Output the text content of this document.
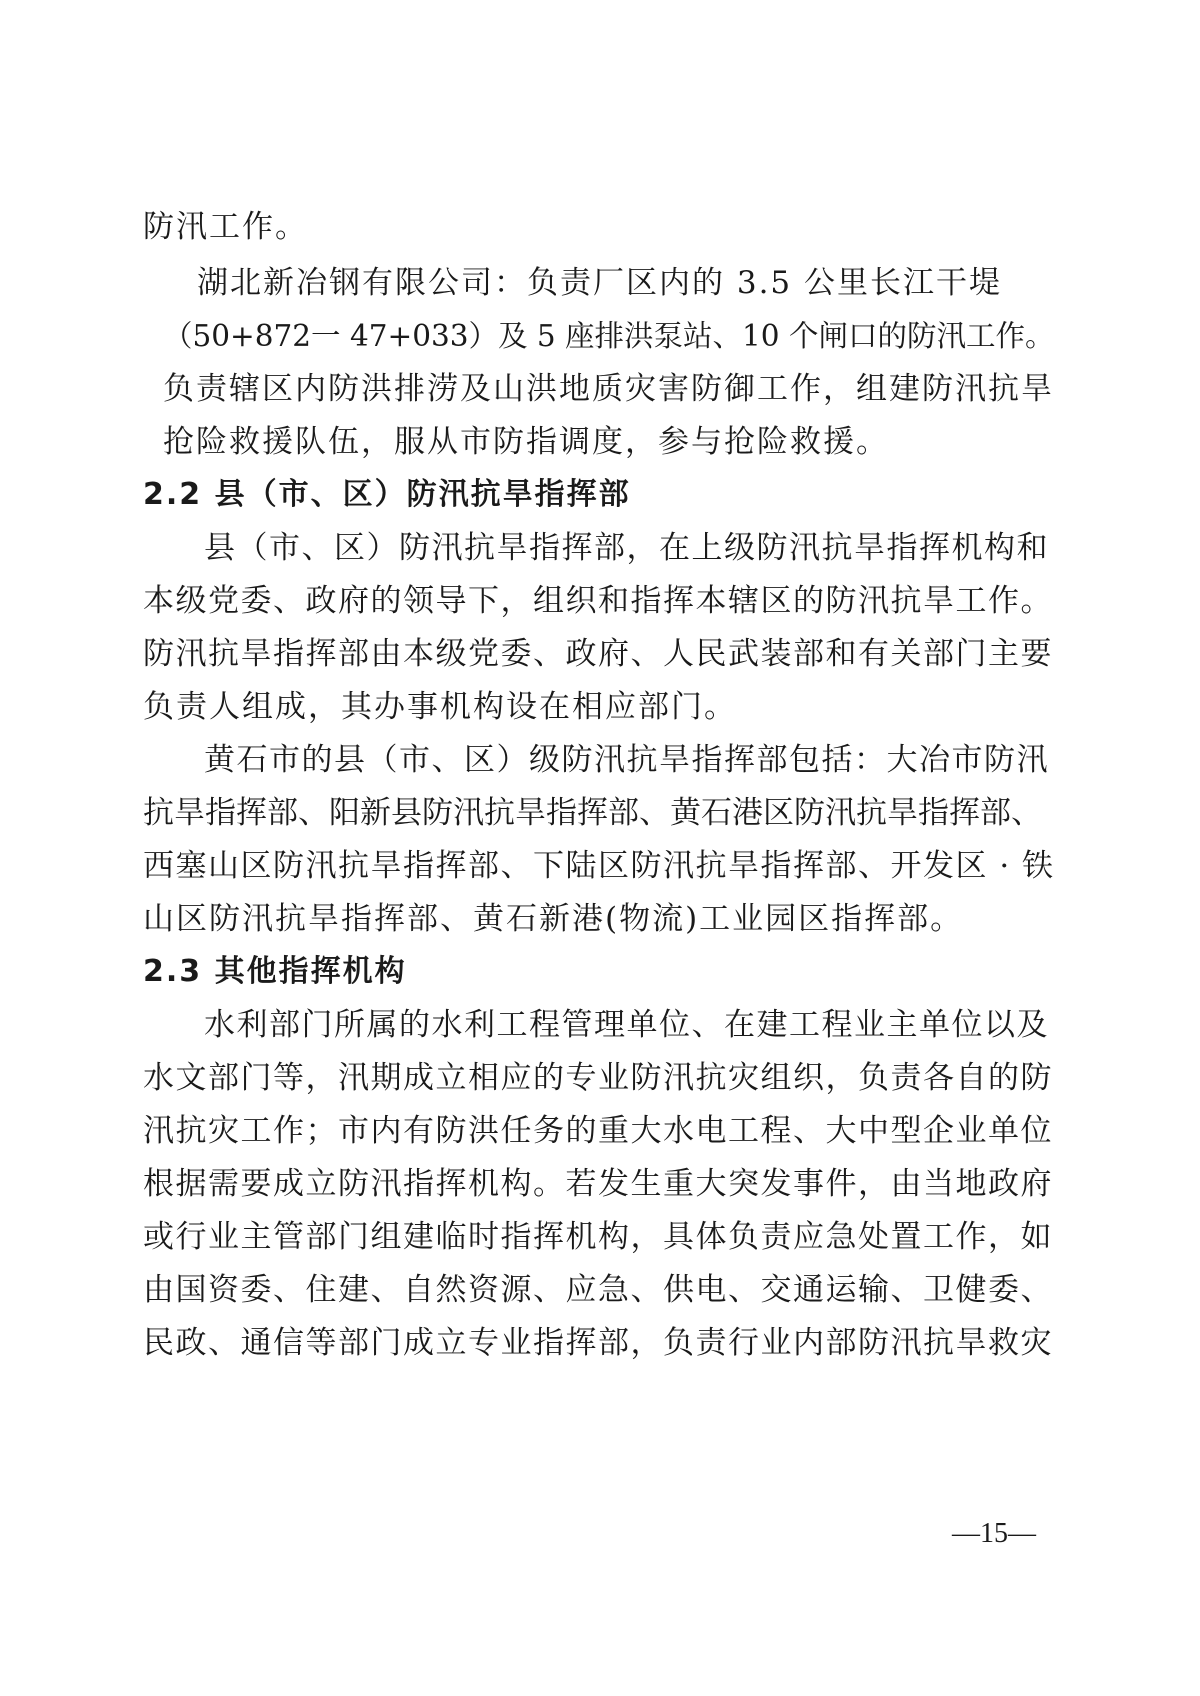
防汛工作。
湖北新冶钢有限公司：负责厂区内的 3.5 公里长江干堤
（50+872一 47+033）及 5 座排洪泵站、10 个闸口的防汛工作。
负责辖区内防洪排涝及山洪地质灾害防御工作，组建防汛抗旱
抢险救援队伍，服从市防指调度，参与抢险救援。
2.2 县（市、区）防汛抗旱指挥部
县（市、区）防汛抗旱指挥部，在上级防汛抗旱指挥机构和
本级党委、政府的领导下，组织和指挥本辖区的防汛抗旱工作。
防汛抗旱指挥部由本级党委、政府、人民武装部和有关部门主要
负责人组成，其办事机构设在相应部门。
黄石市的县（市、区）级防汛抗旱指挥部包括：大冶市防汛
抗旱指挥部、阳新县防汛抗旱指挥部、黄石港区防汛抗旱指挥部、
西塞山区防汛抗旱指挥部、下陆区防汛抗旱指挥部、开发区 · 铁
山区防汛抗旱指挥部、黄石新港(物流)工业园区指挥部。
2.3 其他指挥机构
水利部门所属的水利工程管理单位、在建工程业主单位以及
水文部门等，汛期成立相应的专业防汛抗灾组织，负责各自的防
汛抗灾工作；市内有防洪任务的重大水电工程、大中型企业单位
根据需要成立防汛指挥机构。若发生重大突发事件，由当地政府
或行业主管部门组建临时指挥机构，具体负责应急处置工作，如
由国资委、住建、自然资源、应急、供电、交通运输、卫健委、
民政、通信等部门成立专业指挥部，负责行业内部防汛抗旱救灾
—15—
